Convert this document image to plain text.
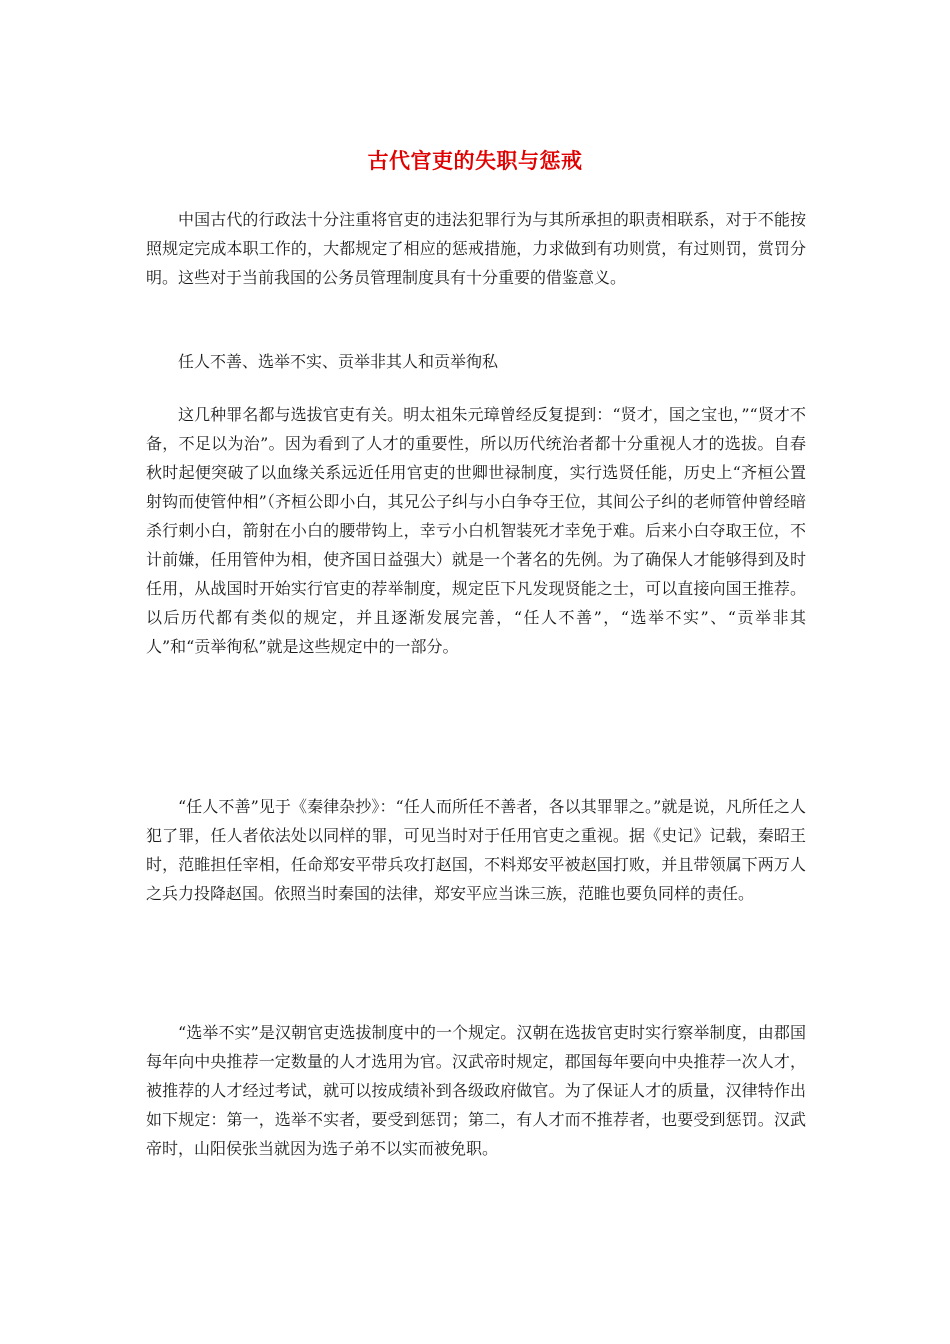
古代官吏的失职与惩戒

中国古代的行政法十分注重将官吏的违法犯罪行为与其所承担的职责相联系，对于不能按照规定完成本职工作的，大都规定了相应的惩戒措施，力求做到有功则赏，有过则罚，赏罚分明。这些对于当前我国的公务员管理制度具有十分重要的借鉴意义。

任人不善、选举不实、贡举非其人和贡举徇私

这几种罪名都与选拔官吏有关。明太祖朱元璋曾经反复提到：“贤才，国之宝也，”“贤才不备，不足以为治”。因为看到了人才的重要性，所以历代统治者都十分重视人才的选拔。自春秋时起便突破了以血缘关系远近任用官吏的世卿世禄制度，实行选贤任能，历史上“齐桓公置射钩而使管仲相”（齐桓公即小白，其兄公子纠与小白争夺王位，其间公子纠的老师管仲曾经暗杀行刺小白，箭射在小白的腰带钩上，幸亏小白机智装死才幸免于难。后来小白夺取王位，不计前嫌，任用管仲为相，使齐国日益强大）就是一个著名的先例。为了确保人才能够得到及时任用，从战国时开始实行官吏的荐举制度，规定臣下凡发现贤能之士，可以直接向国王推荐。以后历代都有类似的规定，并且逐渐发展完善，“任人不善”，“选举不实”、“贡举非其人”和“贡举徇私”就是这些规定中的一部分。

“任人不善”见于《秦律杂抄》：“任人而所任不善者，各以其罪罪之。”就是说，凡所任之人犯了罪，任人者依法处以同样的罪，可见当时对于任用官吏之重视。据《史记》记载，秦昭王时，范睢担任宰相，任命郑安平带兵攻打赵国，不料郑安平被赵国打败，并且带领属下两万人之兵力投降赵国。依照当时秦国的法律，郑安平应当诛三族，范睢也要负同样的责任。

“选举不实”是汉朝官吏选拔制度中的一个规定。汉朝在选拔官吏时实行察举制度，由郡国每年向中央推荐一定数量的人才选用为官。汉武帝时规定，郡国每年要向中央推荐一次人才，被推荐的人才经过考试，就可以按成绩补到各级政府做官。为了保证人才的质量，汉律特作出如下规定：第一，选举不实者，要受到惩罚；第二，有人才而不推荐者，也要受到惩罚。汉武帝时，山阳侯张当就因为选子弟不以实而被免职。
